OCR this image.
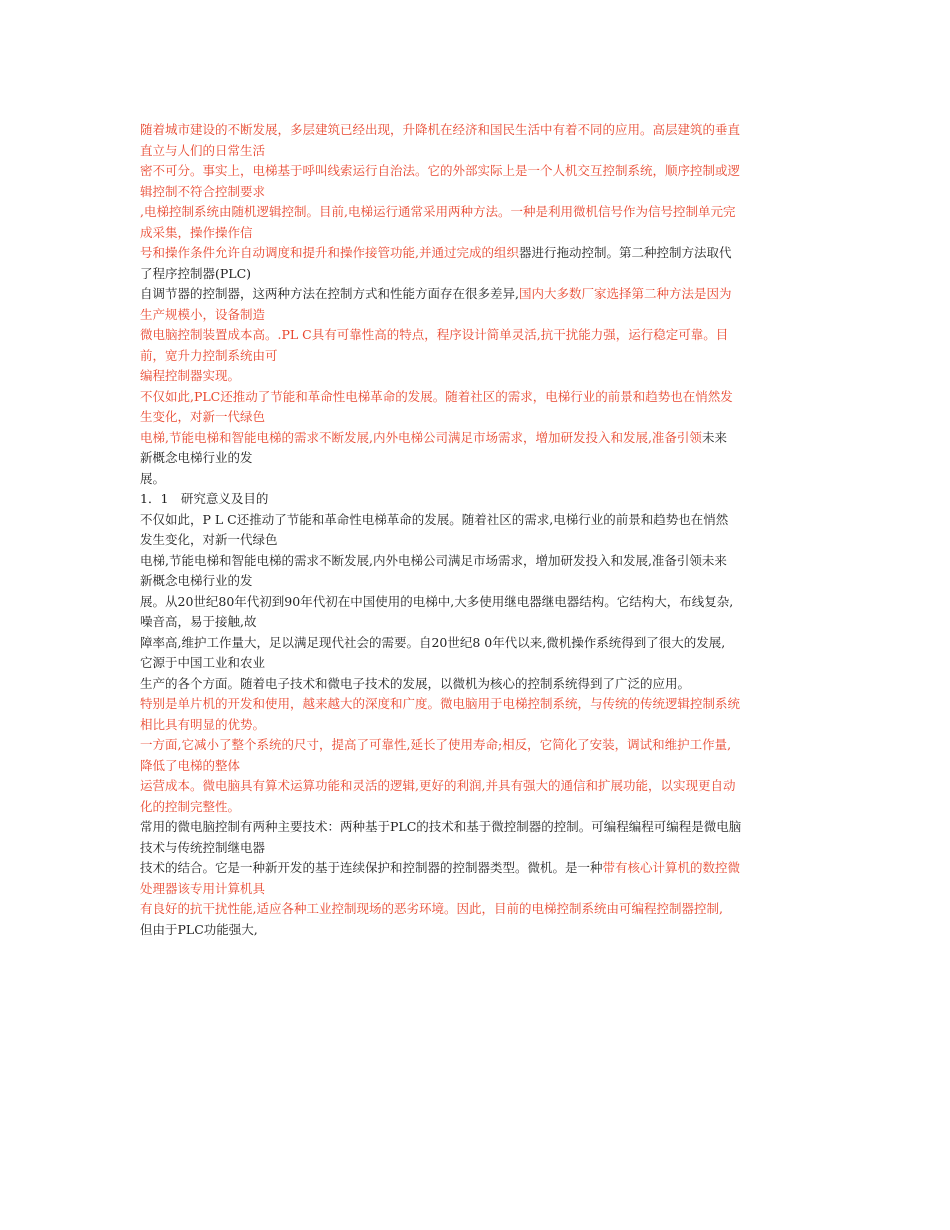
随着城市建设的不断发展，多层建筑已经出现，升降机在经济和国民生活中有着不同的应用。高层建筑的垂直
直立与人们的日常生活
密不可分。事实上，电梯基于呼叫线索运行自治法。它的外部实际上是一个人机交互控制系统，顺序控制或逻
辑控制不符合控制要求
,电梯控制系统由随机逻辑控制。目前,电梯运行通常采用两种方法。一种是利用微机信号作为信号控制单元完
成采集，操作操作信
号和操作条件允许自动调度和提升和操作接管功能,并通过完成的组织器进行拖动控制。第二种控制方法取代
了程序控制器(PLC)
自调节器的控制器，这两种方法在控制方式和性能方面存在很多差异,国内大多数厂家选择第二种方法是因为
生产规模小，设备制造
微电脑控制装置成本高。.PL C具有可靠性高的特点，程序设计简单灵活,抗干扰能力强，运行稳定可靠。目
前，宽升力控制系统由可
编程控制器实现。
不仅如此,PLC还推动了节能和革命性电梯革命的发展。随着社区的需求，电梯行业的前景和趋势也在悄然发
生变化，对新一代绿色
电梯,节能电梯和智能电梯的需求不断发展,内外电梯公司满足市场需求，增加研发投入和发展,准备引领未来
新概念电梯行业的发
展。
1．1　研究意义及目的
不仅如此，P L C还推动了节能和革命性电梯革命的发展。随着社区的需求,电梯行业的前景和趋势也在悄然
发生变化，对新一代绿色
电梯,节能电梯和智能电梯的需求不断发展,内外电梯公司满足市场需求，增加研发投入和发展,准备引领未来
新概念电梯行业的发
展。从20世纪80年代初到90年代初在中国使用的电梯中,大多使用继电器继电器结构。它结构大，布线复杂,
噪音高，易于接触,故
障率高,维护工作量大，足以满足现代社会的需要。自20世纪8 0年代以来,微机操作系统得到了很大的发展,
它源于中国工业和农业
生产的各个方面。随着电子技术和微电子技术的发展，以微机为核心的控制系统得到了广泛的应用。
特别是单片机的开发和使用，越来越大的深度和广度。微电脑用于电梯控制系统，与传统的传统逻辑控制系统
相比具有明显的优势。
一方面,它减小了整个系统的尺寸，提高了可靠性,延长了使用寿命;相反，它简化了安装，调试和维护工作量,
降低了电梯的整体
运营成本。微电脑具有算术运算功能和灵活的逻辑,更好的利润,并具有强大的通信和扩展功能，以实现更自动
化的控制完整性。
常用的微电脑控制有两种主要技术：两种基于PLC的技术和基于微控制器的控制。可编程编程可编程是微电脑
技术与传统控制继电器
技术的结合。它是一种新开发的基于连续保护和控制器的控制器类型。微机。是一种带有核心计算机的数控微
处理器该专用计算机具
有良好的抗干扰性能,适应各种工业控制现场的恶劣环境。因此，目前的电梯控制系统由可编程控制器控制,
但由于PLC功能强大,
